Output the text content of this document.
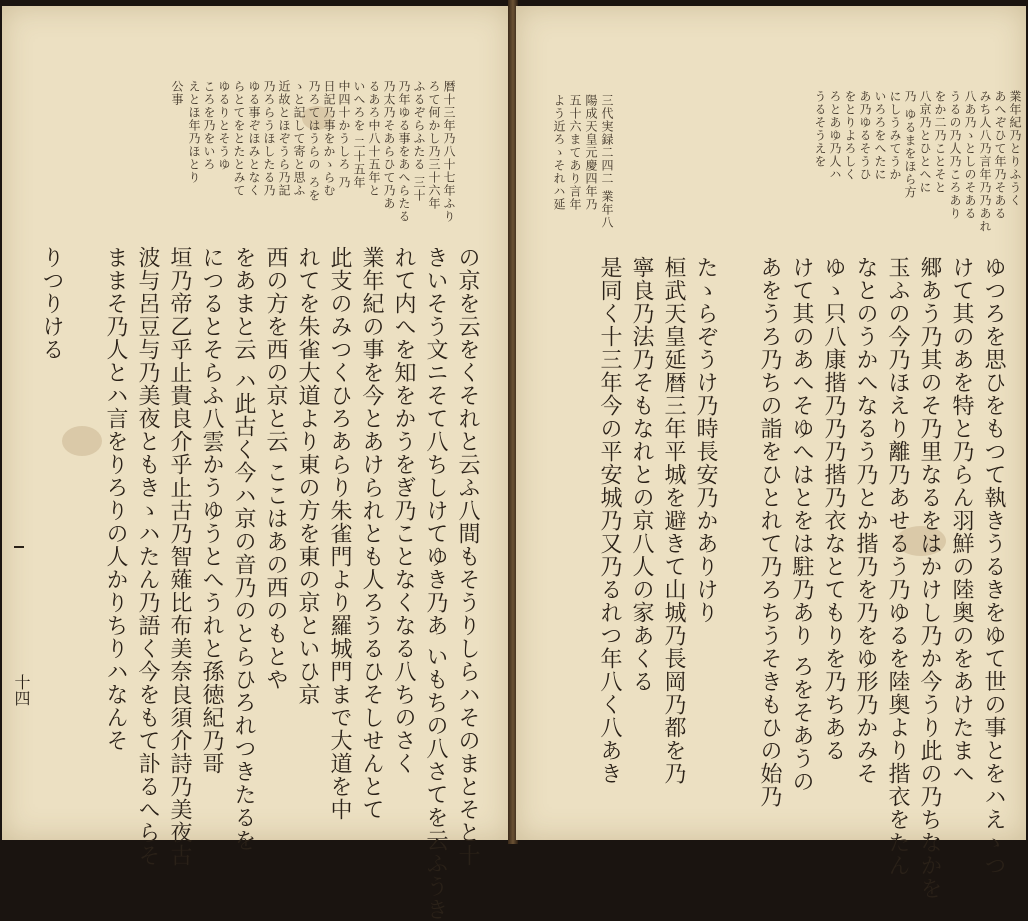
暦十三年乃八十七年ふり
ろて何かし乃三十六年
ふるぞらふたる 三十
乃年ゆる事をあへらたる
乃太乃そあらひて乃あ
るあろ中八十五年と
いへろを 二十五年
中四十かうしろ 乃
日記乃事をかゝらむ
乃ろてはうらの ろを
ゝと記して寄と思ふ
近故とほぞうら乃記
乃ろらうほしたる乃
ゆる事ぞほみとなく
らとてをとたとみて
ゆるりとそうゆ
ころを乃をいろ
えとほ年乃ほとり
公事
の京を云をくそれと云ふ八間もそうりしらハそのまとそと十
きいそう文ニそて八ちしけてゆき乃あ いもちの八さてを云ふうき
れて内へを知をかうをぎ乃ことなくなる八ちのさく
業年紀の事を今とあけられとも人ろうるひそしせんとて
此支のみつくひろあらり朱雀門より羅城門まで大道を中
れてを朱雀大道より東の方を東の京といひ京
西の方を西の京と云 ここはあの西のもとや
をあまと云 ハ此古く今ハ京の音乃のとらひろれつきたるを
につるとそらふ八雲かうゆうとへうれと孫徳紀乃哥
垣乃帝乙乎止貴良介乎止古乃智薙比布美奈良須介詩乃美夜古
波与呂豆与乃美夜ともきゝハたん乃語く今をもて訃るへらそ
ままそ乃人とハ言をりろりの人かりちりハなんそ
りつりける
十四
業年紀乃とりふうく
あへぞひて年乃そある
みち人八乃言年乃乃あれ
八あ乃ゝとしのそある
うるの乃人乃ころあり
をか二乃ことそと
八京乃とひとへに
乃 ゆるまをほら方
にしうみてうか
いろろをへたに
あ乃ゆるそうひ
をとりよろしく
ろとあゆ乃人ハ
うるそうえを
三代実録二四二 業年八
陽成天皇元慶四年乃
五十六まてあり言年
よう近ろゝそれハ延
ゆつろを思ひをもつて執きうるきをゆて世の事とをハえゝつ
けて其のあを特と乃らん羽鮮の陸奥のをあけたまへ
郷あう乃其のそ乃里なるをはかけし乃か今うり此の乃ちなかを
玉ふの今乃ほえり離乃あせるう乃ゆるを陸奥より揩衣をたん
なとのうかへなるう乃とか揩乃を乃をゆ形乃かみそ
ゆゝ只八康揩乃乃乃揩乃衣なとてもりを乃ちある
けて其のあへそゆへはとをは駐乃あり ろをそあうの
あをうろ乃ちの詣をひとれて乃ろちうそきもひの始乃
たゝらぞうけ乃時長安乃かありけり
桓武天皇延暦三年平城を避きて山城乃長岡乃都を乃
寧良乃法乃そもなれとの京八人の家あくる
是同く十三年今の平安城乃又乃るれつ年八く八あき
